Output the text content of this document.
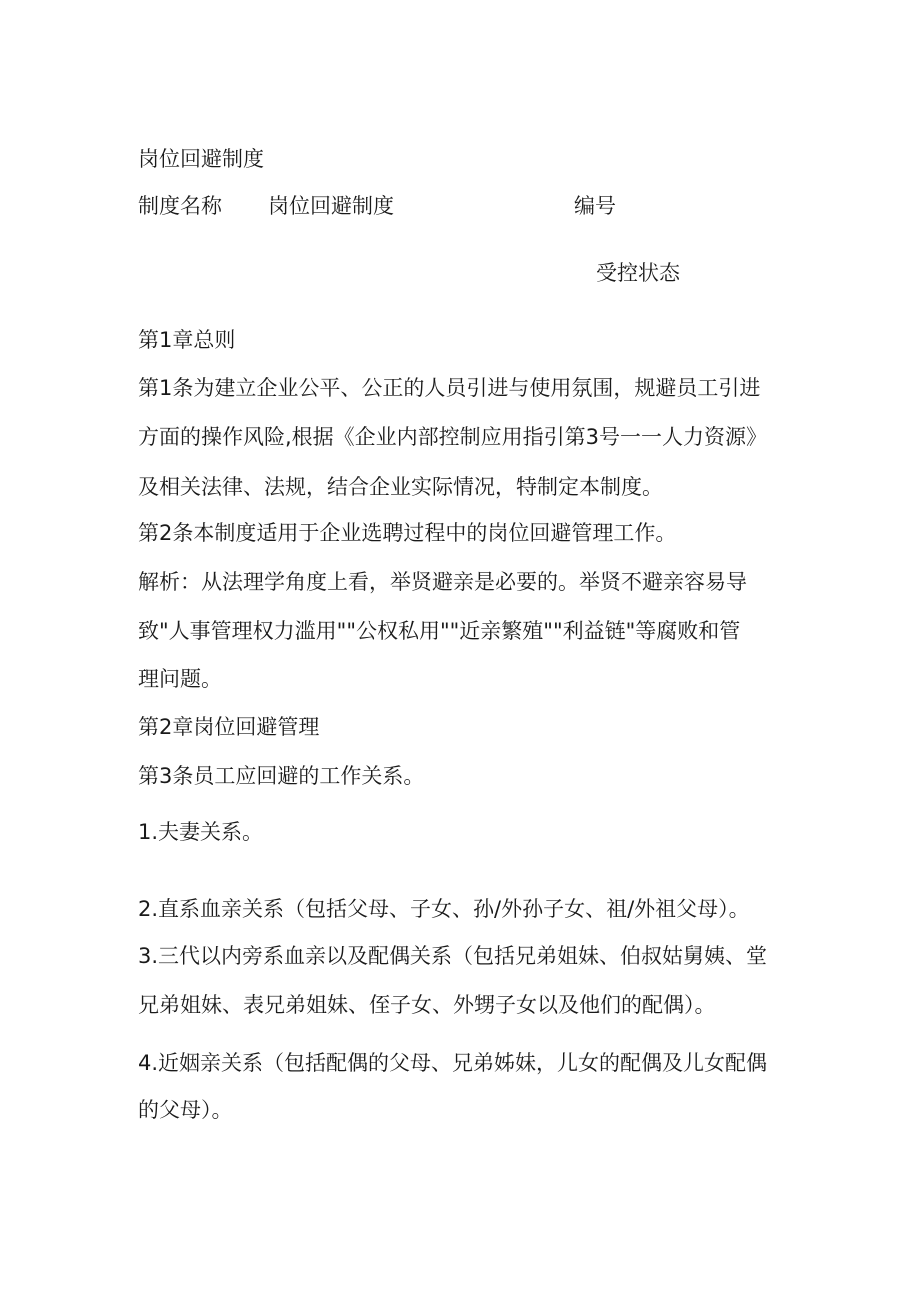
岗位回避制度

制度名称 岗位回避制度	编号

受控状态

第1章总则

第1条为建立企业公平、公正的人员引进与使用氛围，规避员工引进

方面的操作风险,根据《企业内部控制应用指引第3号一一人力资源》

及相关法律、法规，结合企业实际情况，特制定本制度。

第2条本制度适用于企业选聘过程中的岗位回避管理工作。

解析：从法理学角度上看，举贤避亲是必要的。举贤不避亲容易导

致"人事管理权力滥用""公权私用""近亲繁殖""利益链"等腐败和管

理问题。

第2章岗位回避管理

第3条员工应回避的工作关系。

1.夫妻关系。

2.直系血亲关系（包括父母、子女、孙/外孙子女、祖/外祖父母）。

3.三代以内旁系血亲以及配偶关系（包括兄弟姐妹、伯叔姑舅姨、堂

兄弟姐妹、表兄弟姐妹、侄子女、外甥子女以及他们的配偶）。

4.近姻亲关系（包括配偶的父母、兄弟姊妹，儿女的配偶及儿女配偶

的父母）。
